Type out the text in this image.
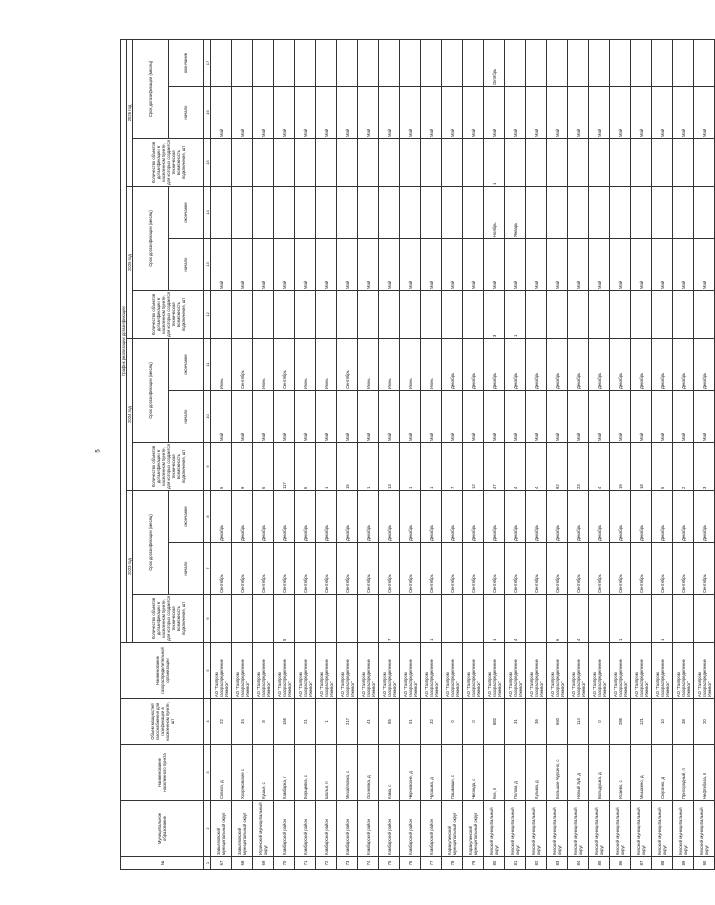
5
№	Муниципальное образование	Наименование населенного пункта	Объем мощностей газоснабжения для газификации в населенном пункте, шт	Наименование газораспределительной организации	График реализации догазификации											
					2023 год			2024 год			2025 год			2026 год		
					Количество объектов догазификации в населенном пункте, для которых создается техническая возможность подключения, шт	Срок догазификации (месяц)		Количество объектов догазификации в населенном пункте, для которых создается техническая возможность подключения, шт	Срок догазификации (месяц)		Количество объектов догазификации в населенном пункте, для которых создается техническая возможность подключения, шт	Срок догазификации (месяц)		Количество объектов догазификации в населенном пункте, для которых создается техническая возможность подключения, шт	Срок догазификации (месяц)	
						начало	окончание		начало	окончание		начало	окончание		начало	окончание
1	2	3	4	5	6	7	8	9	10	11	12	13	14	15	16	17
67	Завьяловский муниципальный округ	Совхоз, д	22	АО "Газпром газораспределение Ижевск"		Сентябрь	Декабрь	5	Май	Июнь		Май			Май	
68	Завьяловский муниципальный округ	Хохряковские с	34	АО "Газпром газораспределение Ижевск"		Сентябрь	Декабрь	9	Май	Сентябрь		Май			Май	
69	Игринский муниципальный округ	Кушья, с	8	АО "Газпром газораспределение Ижевск"		Сентябрь	Декабрь	6	Май	Июнь		Май			Май	
70	Камбарский район	Камбарка, г	156	АО "Газпром газораспределение Ижевск"	5	Сентябрь	Декабрь	117	Май	Сентябрь		Май			Май	
71	Камбарский район	Борщевка, с	21	АО "Газпром газораспределение Ижевск"		Сентябрь	Декабрь	6	Май	Июнь		Май			Май	
72	Камбарский район	Шолья, п	1	АО "Газпром газораспределение Ижевск"		Сентябрь	Декабрь	1	Май	Июнь		Май			Май	
73	Камбарский район	Михайловка, с	217	АО "Газпром газораспределение Ижевск"		Сентябрь	Декабрь	15	Май	Сентябрь		Май			Май	
74	Камбарский район	Осиновка, д	41	АО "Газпром газораспределение Ижевск"		Сентябрь	Декабрь	1	Май	Июнь		Май			Май	
75	Камбарский район	Кама, с	85	АО "Газпром газораспределение Ижевск"	7	Сентябрь	Декабрь	13	Май	Июнь		Май			Май	
76	Камбарский район	Черновские, д	51	АО "Газпром газораспределение Ижевск"		Сентябрь	Декабрь	1	Май	Июнь		Май			Май	
77	Камбарский район	Чусашка, д	32	АО "Газпром газораспределение Ижевск"	1	Сентябрь	Декабрь	1	Май	Июнь		Май			Май	
78	Каракулинский муниципальный округ	Пашмаши, с	0	АО "Газпром газораспределение Ижевск"		Сентябрь	Декабрь	7	Май	Декабрь		Май			Май	
79	Каракулинский муниципальный округ	Чеганда, с	0	АО "Газпром газораспределение Ижевск"		Сентябрь	Декабрь	12	Май	Декабрь		Май			Май	
80	Кезский муниципальный округ	Кез, п	882	АО "Газпром газораспределение Ижевск"	1	Сентябрь	Декабрь	47	Май	Декабрь	3	Май	Ноябрь	1	Май	Октябрь
81	Кезский муниципальный округ	Полом, д	31	АО "Газпром газораспределение Ижевск"	4	Сентябрь	Декабрь	4	Май	Декабрь	1	Май	Январь		Май	
82	Кезский муниципальный округ	Кузьма, д	36	АО "Газпром газораспределение Ижевск"		Сентябрь	Декабрь	4	Май	Декабрь		Май			Май	
83	Кезский муниципальный округ	Большое Чурсино, с	660	АО "Газпром газораспределение Ижевск"	6	Сентябрь	Декабрь	92	Май	Декабрь		Май			Май	
84	Кезский муниципальный округ	Новый Зуй, д	114	АО "Газпром газораспределение Ижевск"	4	Сентябрь	Декабрь	23	Май	Декабрь		Май			Май	
85	Кезский муниципальный округ	Вольдушка, д	0	АО "Газпром газораспределение Ижевск"		Сентябрь	Декабрь	4	Май	Декабрь		Май			Май	
86	Кезский муниципальный округ	Исаево, с	286	АО "Газпром газораспределение Ижевск"	1	Сентябрь	Декабрь	19	Май	Декабрь		Май			Май	
87	Кезский муниципальный округ	Мышкино, д	121	АО "Газпром газораспределение Ижевск"		Сентябрь	Декабрь	18	Май	Декабрь		Май			Май	
88	Кезский муниципальный округ	Сюрзино, д	10	АО "Газпром газораспределение Ижевск"	1	Сентябрь	Декабрь	5	Май	Декабрь		Май			Май	
89	Кезский муниципальный округ	Пригородный, п	38	АО "Газпром газораспределение Ижевск"		Сентябрь	Декабрь	2	Май	Декабрь		Май			Май	
90	Кезский муниципальный округ	Нефтебаза, п	20	АО "Газпром газораспределение Ижевск"		Сентябрь	Декабрь	3	Май	Декабрь		Май			Май	
